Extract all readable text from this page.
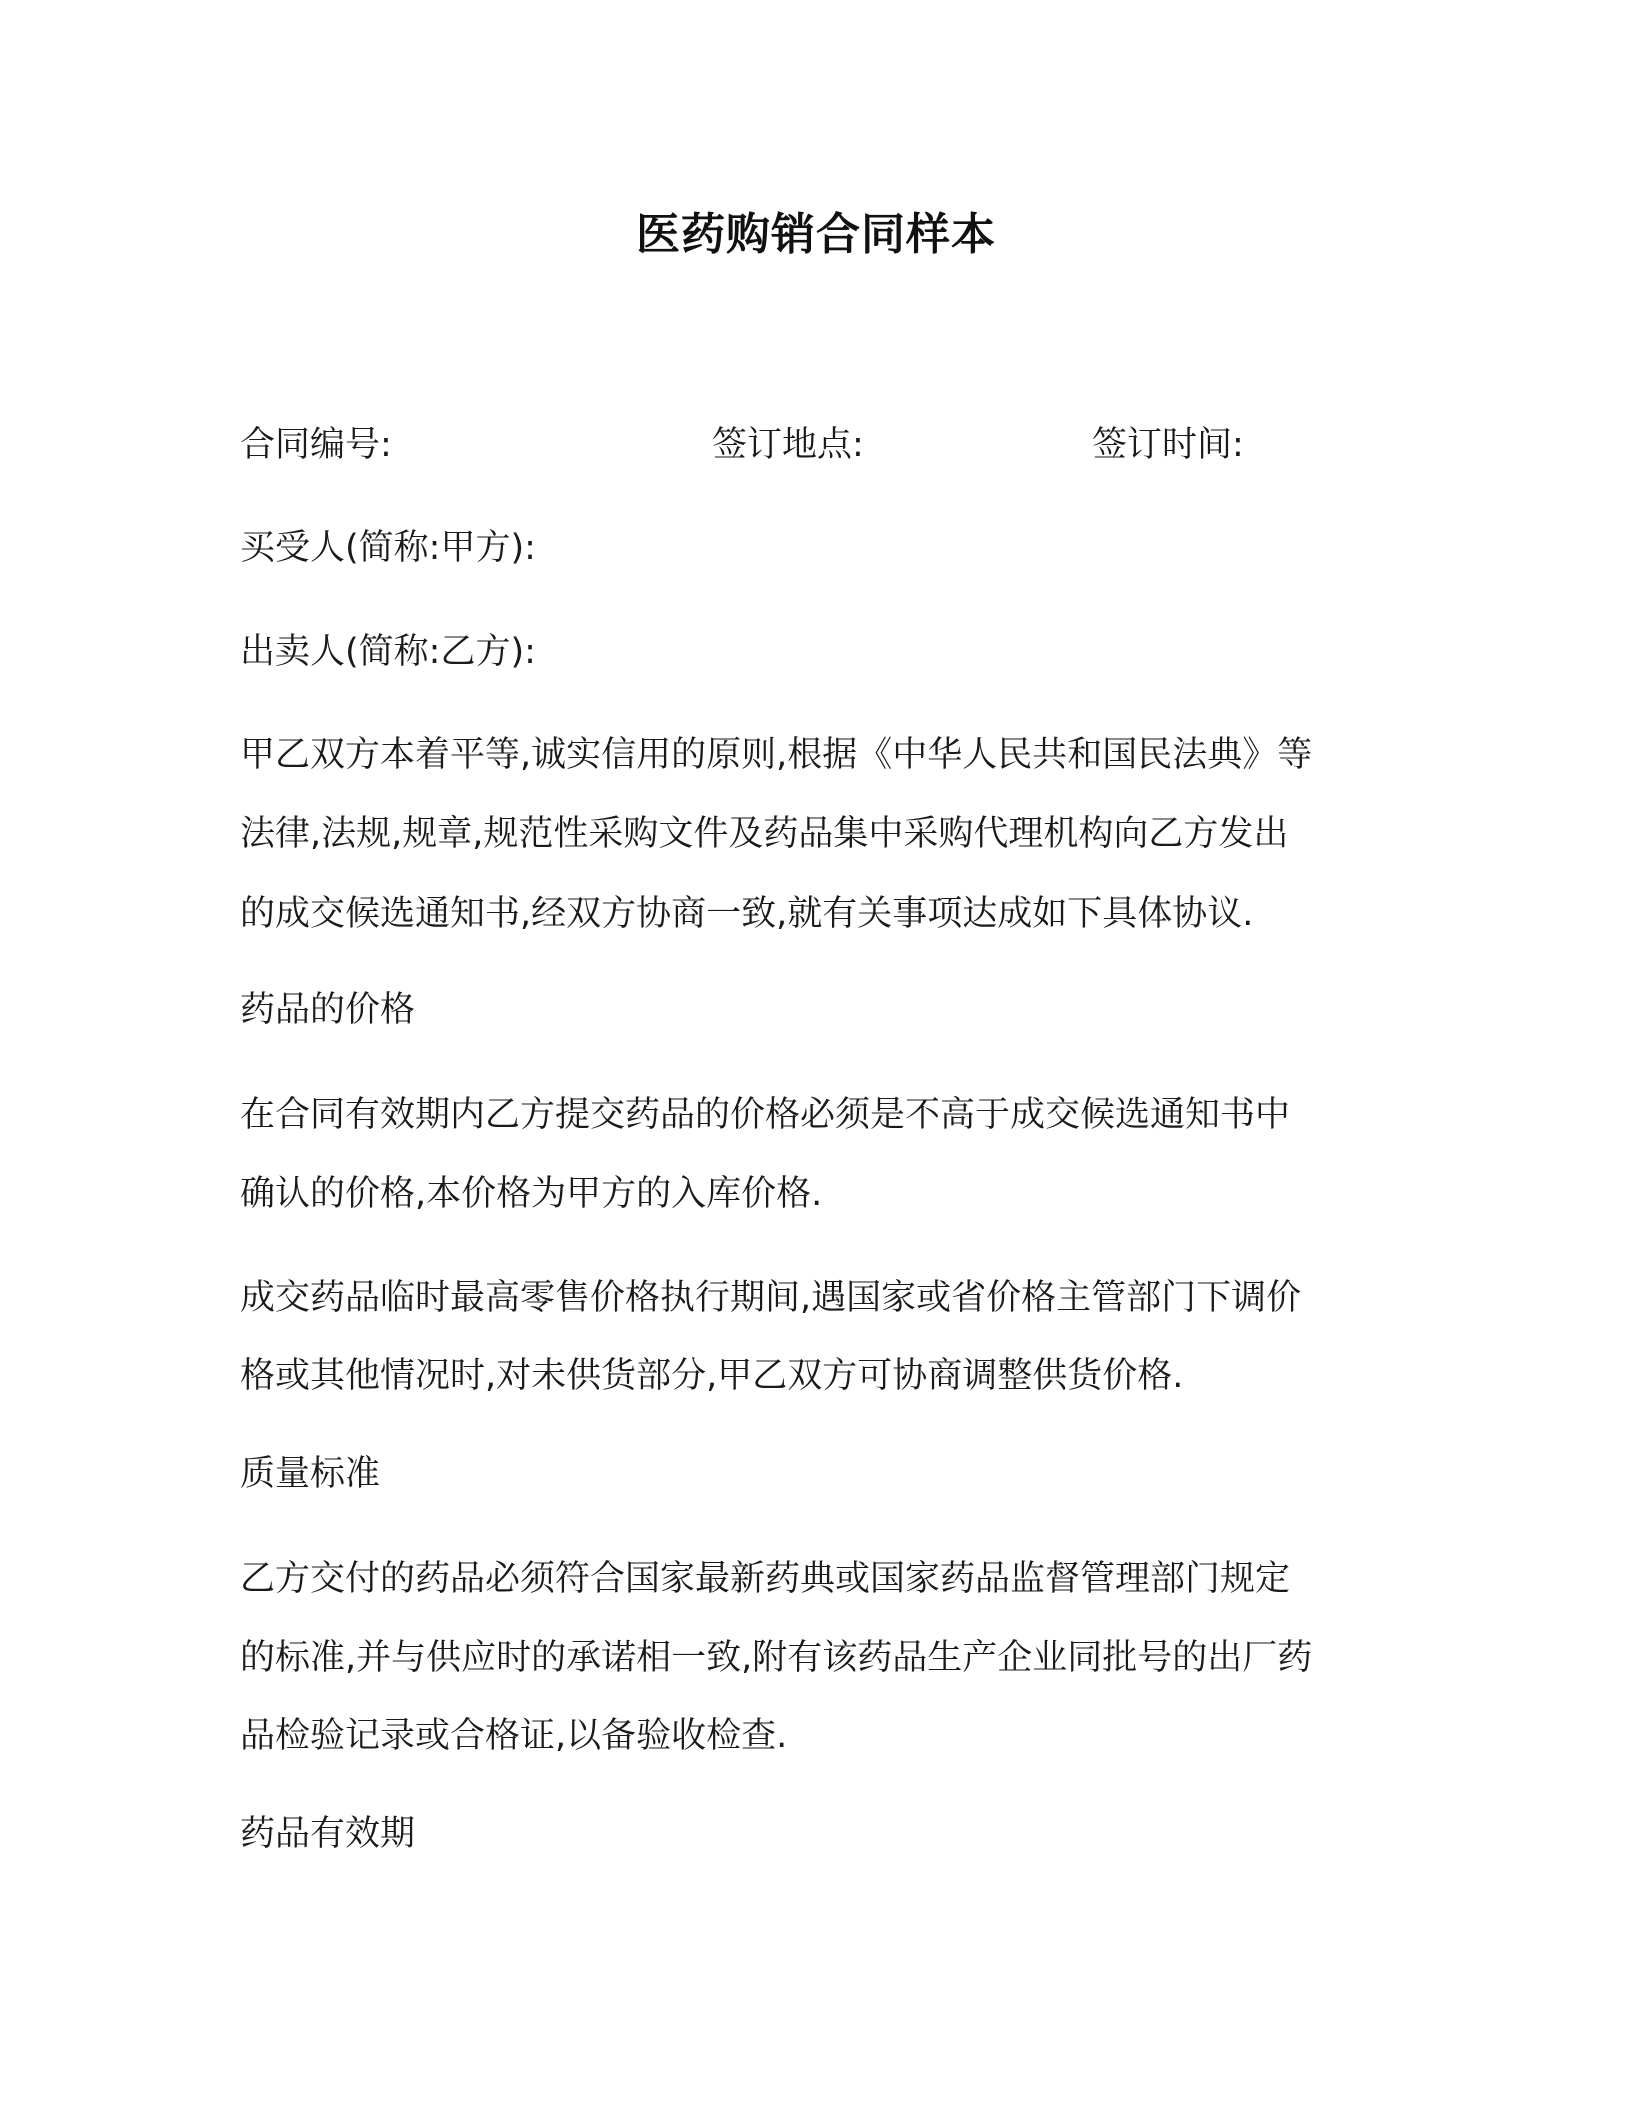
医药购销合同样本
合同编号:	签订地点:	签订时间:

买受人(简称:甲方):

出卖人(简称:乙方):

甲乙双方本着平等,诚实信用的原则,根据《中华人民共和国民法典》等

法律,法规,规章,规范性采购文件及药品集中采购代理机构向乙方发出

的成交候选通知书,经双方协商一致,就有关事项达成如下具体协议.

药品的价格

在合同有效期内乙方提交药品的价格必须是不高于成交候选通知书中

确认的价格,本价格为甲方的入库价格.

成交药品临时最高零售价格执行期间,遇国家或省价格主管部门下调价

格或其他情况时,对未供货部分,甲乙双方可协商调整供货价格.

质量标准

乙方交付的药品必须符合国家最新药典或国家药品监督管理部门规定

的标准,并与供应时的承诺相一致,附有该药品生产企业同批号的出厂药

品检验记录或合格证,以备验收检查.

药品有效期
